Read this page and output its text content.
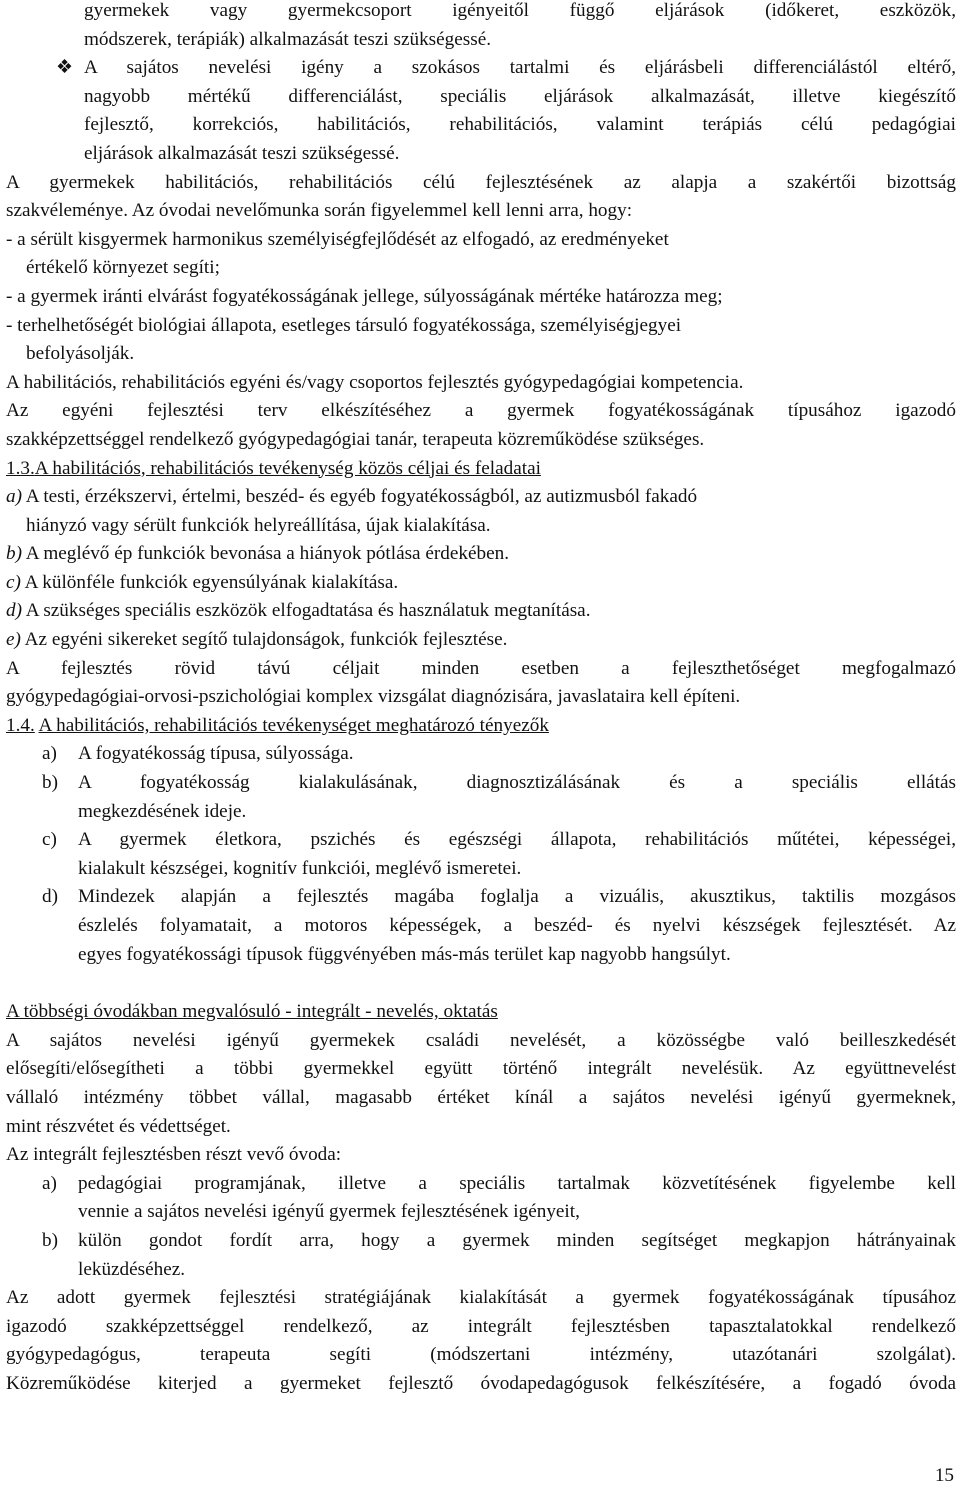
gyermekek vagy gyermekcsoport igényeitől függő eljárások (időkeret, eszközök,

módszerek, terápiák) alkalmazását teszi szükségessé.

❖ A sajátos nevelési igény a szokásos tartalmi és eljárásbeli differenciálástól eltérő,

nagyobb mértékű differenciálást, speciális eljárások alkalmazását, illetve kiegészítő

fejlesztő, korrekciós, habilitációs, rehabilitációs, valamint terápiás célú pedagógiai

eljárások alkalmazását teszi szükségessé.

A gyermekek habilitációs, rehabilitációs célú fejlesztésének az alapja a szakértői bizottság

szakvéleménye. Az óvodai nevelőmunka során figyelemmel kell lenni arra, hogy:

- a sérült kisgyermek harmonikus személyiségfejlődését az elfogadó, az eredményeket

értékelő környezet segíti;

- a gyermek iránti elvárást fogyatékosságának jellege, súlyosságának mértéke határozza meg;

- terhelhetőségét biológiai állapota, esetleges társuló fogyatékossága, személyiségjegyei

befolyásolják.

A habilitációs, rehabilitációs egyéni és/vagy csoportos fejlesztés gyógypedagógiai kompetencia.

Az egyéni fejlesztési terv elkészítéséhez a gyermek fogyatékosságának típusához igazodó

szakképzettséggel rendelkező gyógypedagógiai tanár, terapeuta közreműködése szükséges.

1.3.A habilitációs, rehabilitációs tevékenység közös céljai és feladatai

a) A testi, érzékszervi, értelmi, beszéd- és egyéb fogyatékosságból, az autizmusból fakadó

hiányzó vagy sérült funkciók helyreállítása, újak kialakítása.

b) A meglévő ép funkciók bevonása a hiányok pótlása érdekében.

c) A különféle funkciók egyensúlyának kialakítása.

d) A szükséges speciális eszközök elfogadtatása és használatuk megtanítása.

e) Az egyéni sikereket segítő tulajdonságok, funkciók fejlesztése.

A fejlesztés rövid távú céljait minden esetben a fejleszthetőséget megfogalmazó

gyógypedagógiai-orvosi-pszichológiai komplex vizsgálat diagnózisára, javaslataira kell építeni.

1.4. A habilitációs, rehabilitációs tevékenységet meghatározó tényezők

a)	A fogyatékosság típusa, súlyossága.

b)	A fogyatékosság kialakulásának, diagnosztizálásának és a speciális ellátás

megkezdésének ideje.

c)	A gyermek életkora, pszichés és egészségi állapota, rehabilitációs műtétei, képességei,

kialakult készségei, kognitív funkciói, meglévő ismeretei.

d)	Mindezek alapján a fejlesztés magába foglalja a vizuális, akusztikus, taktilis mozgásos

észlelés folyamatait, a motoros képességek, a beszéd- és nyelvi készségek fejlesztését. Az

egyes fogyatékossági típusok függvényében más-más terület kap nagyobb hangsúlyt.

A többségi óvodákban megvalósuló - integrált - nevelés, oktatás

A sajátos nevelési igényű gyermekek családi nevelését, a közösségbe való beilleszkedését

elősegíti/elősegítheti a többi gyermekkel együtt történő integrált nevelésük. Az együttnevelést

vállaló intézmény többet vállal, magasabb értéket kínál a sajátos nevelési igényű gyermeknek,

mint részvétet és védettséget.

Az integrált fejlesztésben részt vevő óvoda:

a)	pedagógiai programjának, illetve a speciális tartalmak közvetítésének figyelembe kell

vennie a sajátos nevelési igényű gyermek fejlesztésének igényeit,

b)	külön gondot fordít arra, hogy a gyermek minden segítséget megkapjon hátrányainak

leküzdéséhez.

Az adott gyermek fejlesztési stratégiájának kialakítását a gyermek fogyatékosságának típusához

igazodó szakképzettséggel rendelkező, az integrált fejlesztésben tapasztalatokkal rendelkező

gyógypedagógus, terapeuta segíti (módszertani intézmény, utazótanári szolgálat).

Közreműködése kiterjed a gyermeket fejlesztő óvodapedagógusok felkészítésére, a fogadó óvoda

15
